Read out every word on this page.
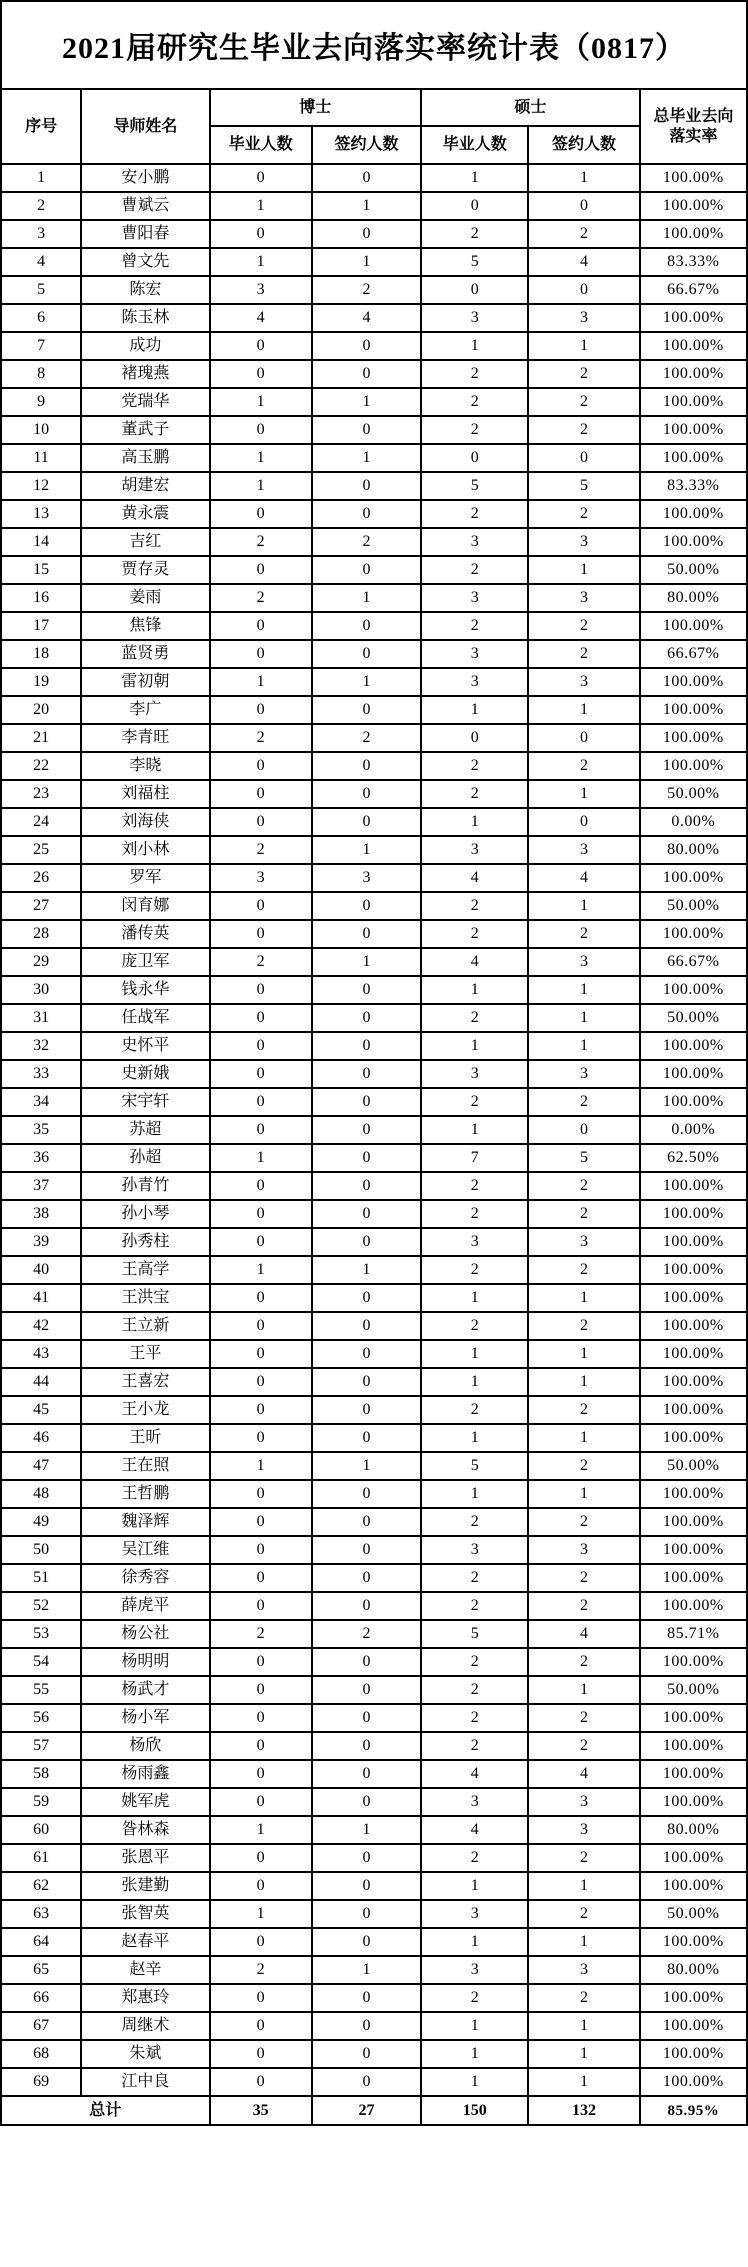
2021届研究生毕业去向落实率统计表（0817）
序号	导师姓名	博士		硕士		总毕业去向
落实率
		毕业人数	签约人数	毕业人数	签约人数	
1	安小鹏	0	0	1	1	100.00%
2	曹斌云	1	1	0	0	100.00%
3	曹阳春	0	0	2	2	100.00%
4	曾文先	1	1	5	4	83.33%
5	陈宏	3	2	0	0	66.67%
6	陈玉林	4	4	3	3	100.00%
7	成功	0	0	1	1	100.00%
8	褚瑰燕	0	0	2	2	100.00%
9	党瑞华	1	1	2	2	100.00%
10	董武子	0	0	2	2	100.00%
11	高玉鹏	1	1	0	0	100.00%
12	胡建宏	1	0	5	5	83.33%
13	黄永震	0	0	2	2	100.00%
14	吉红	2	2	3	3	100.00%
15	贾存灵	0	0	2	1	50.00%
16	姜雨	2	1	3	3	80.00%
17	焦锋	0	0	2	2	100.00%
18	蓝贤勇	0	0	3	2	66.67%
19	雷初朝	1	1	3	3	100.00%
20	李广	0	0	1	1	100.00%
21	李青旺	2	2	0	0	100.00%
22	李晓	0	0	2	2	100.00%
23	刘福柱	0	0	2	1	50.00%
24	刘海侠	0	0	1	0	0.00%
25	刘小林	2	1	3	3	80.00%
26	罗军	3	3	4	4	100.00%
27	闵育娜	0	0	2	1	50.00%
28	潘传英	0	0	2	2	100.00%
29	庞卫军	2	1	4	3	66.67%
30	钱永华	0	0	1	1	100.00%
31	任战军	0	0	2	1	50.00%
32	史怀平	0	0	1	1	100.00%
33	史新娥	0	0	3	3	100.00%
34	宋宇轩	0	0	2	2	100.00%
35	苏超	0	0	1	0	0.00%
36	孙超	1	0	7	5	62.50%
37	孙青竹	0	0	2	2	100.00%
38	孙小琴	0	0	2	2	100.00%
39	孙秀柱	0	0	3	3	100.00%
40	王高学	1	1	2	2	100.00%
41	王洪宝	0	0	1	1	100.00%
42	王立新	0	0	2	2	100.00%
43	王平	0	0	1	1	100.00%
44	王喜宏	0	0	1	1	100.00%
45	王小龙	0	0	2	2	100.00%
46	王昕	0	0	1	1	100.00%
47	王在照	1	1	5	2	50.00%
48	王哲鹏	0	0	1	1	100.00%
49	魏泽辉	0	0	2	2	100.00%
50	吴江维	0	0	3	3	100.00%
51	徐秀容	0	0	2	2	100.00%
52	薛虎平	0	0	2	2	100.00%
53	杨公社	2	2	5	4	85.71%
54	杨明明	0	0	2	2	100.00%
55	杨武才	0	0	2	1	50.00%
56	杨小军	0	0	2	2	100.00%
57	杨欣	0	0	2	2	100.00%
58	杨雨鑫	0	0	4	4	100.00%
59	姚军虎	0	0	3	3	100.00%
60	昝林森	1	1	4	3	80.00%
61	张恩平	0	0	2	2	100.00%
62	张建勤	0	0	1	1	100.00%
63	张智英	1	0	3	2	50.00%
64	赵春平	0	0	1	1	100.00%
65	赵辛	2	1	3	3	80.00%
66	郑惠玲	0	0	2	2	100.00%
67	周继术	0	0	1	1	100.00%
68	朱斌	0	0	1	1	100.00%
69	江中良	0	0	1	1	100.00%
总计		35	27	150	132	85.95%
